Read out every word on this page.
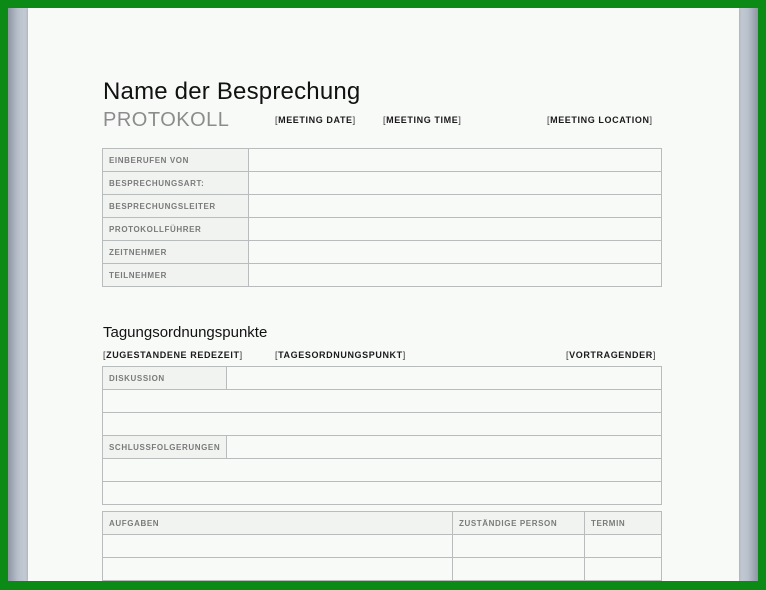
Name der Besprechung
PROTOKOLL	[MEETING DATE]	[MEETING TIME]	[MEETING LOCATION]
EINBERUFEN VON	
BESPRECHUNGSART:	
BESPRECHUNGSLEITER	
PROTOKOLLFÜHRER	
ZEITNEHMER	
TEILNEHMER	
Tagungsordnungspunkte
[ZUGESTANDENE REDEZEIT]	[TAGESORDNUNGSPUNKT]	[VORTRAGENDER]
DISKUSSION	

SCHLUSSFOLGERUNGEN	

AUFGABEN	ZUSTÄNDIGE PERSON	TERMIN
